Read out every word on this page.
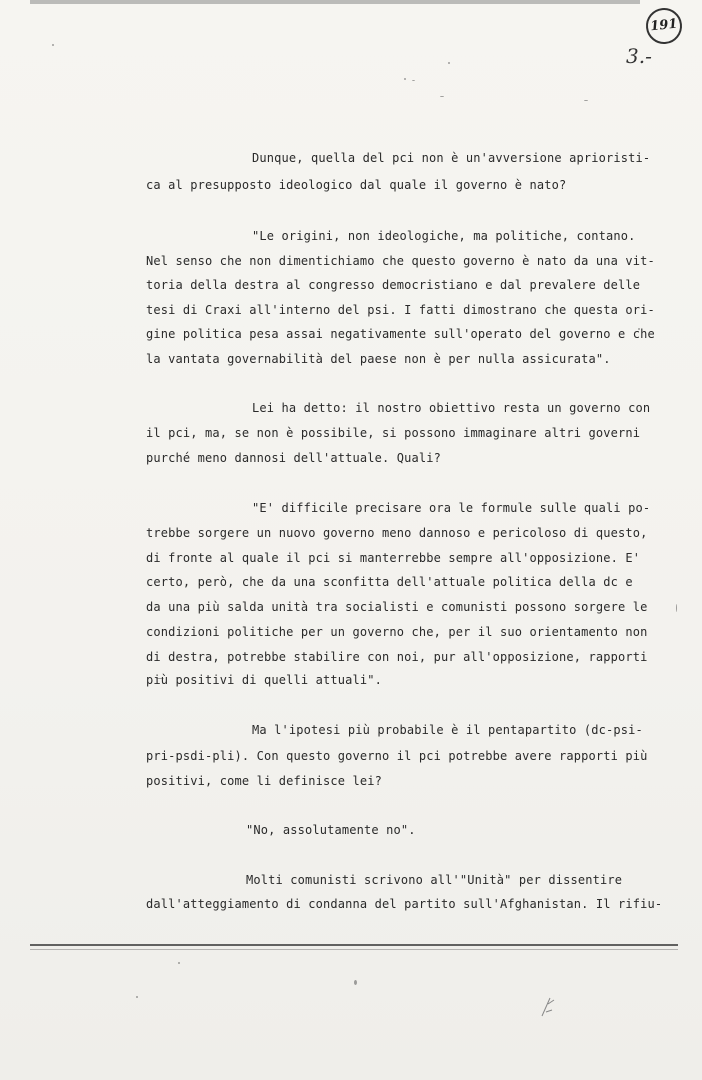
191
3.-
Dunque, quella del pci non è un'avversione aprioristi-
ca al presupposto ideologico dal quale il governo è nato?
"Le origini, non ideologiche, ma politiche, contano.
Nel senso che non dimentichiamo che questo governo è nato da una vit-
toria della destra al congresso democristiano e dal prevalere delle
tesi di Craxi all'interno del psi. I fatti dimostrano che questa ori-
gine politica pesa assai negativamente sull'operato del governo e che
la vantata governabilità del paese non è per nulla assicurata".
Lei ha detto: il nostro obiettivo resta un governo con
il pci, ma, se non è possibile, si possono immaginare altri governi
purché meno dannosi dell'attuale. Quali?
"E' difficile precisare ora le formule sulle quali po-
trebbe sorgere un nuovo governo meno dannoso e pericoloso di questo,
di fronte al quale il pci si manterrebbe sempre all'opposizione. E'
certo, però, che da una sconfitta dell'attuale politica della dc e
da una più salda unità tra socialisti e comunisti possono sorgere le
condizioni politiche per un governo che, per il suo orientamento non
di destra, potrebbe stabilire con noi, pur all'opposizione, rapporti
più positivi di quelli attuali".
Ma l'ipotesi più probabile è il pentapartito (dc-psi-
pri-psdi-pli). Con questo governo il pci potrebbe avere rapporti più
positivi, come li definisce lei?
"No, assolutamente no".
Molti comunisti scrivono all'"Unità" per dissentire
dall'atteggiamento di condanna del partito sull'Afghanistan. Il rifiu-
